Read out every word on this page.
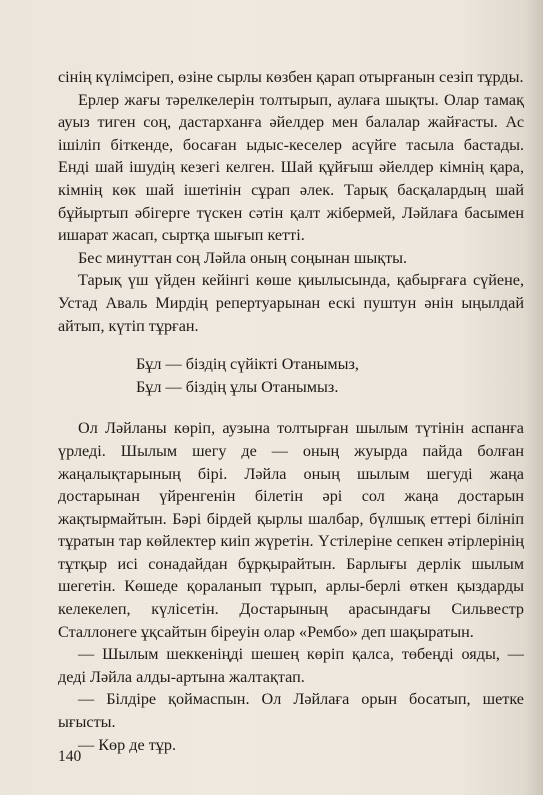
сінің күлімсіреп, өзіне сырлы көзбен қарап отырғанын сезіп тұрды.

Ерлер жағы тәрелкелерін толтырып, аулаға шықты. Олар тамақ ауыз тиген соң, дастарханға әйелдер мен балалар жайғасты. Ас ішіліп біткенде, босаған ыдыс-кеселер асүйге тасыла бастады. Енді шай ішудің кезегі келген. Шай құйғыш әйелдер кімнің қара, кімнің көк шай ішетінін сұрап әлек. Тарық басқалардың шай бұйыртып әбігерге түскен сәтін қалт жібермей, Ләйлаға басымен ишарат жасап, сыртқа шығып кетті.

Бес минуттан соң Ләйла оның соңынан шықты.

Тарық үш үйден кейінгі көше қиылысында, қабырғаға сүйене, Устад Аваль Мирдің репертуарынан ескі пуштун әнін ыңылдай айтып, күтіп тұрған.

Бұл — біздің сүйікті Отанымыз,
Бұл — біздің ұлы Отанымыз.

Ол Ләйланы көріп, аузына толтырған шылым түтінін аспанға үрледі. Шылым шегу де — оның жуырда пайда болған жаңалықтарының бірі. Ләйла оның шылым шегуді жаңа достарынан үйренгенін білетін әрі сол жаңа достарын жақтырмайтын. Бәрі бірдей қырлы шалбар, бүлшық еттері білініп тұратын тар көйлектер киіп жүретін. Үстілеріне сепкен әтірлерінің тұтқыр исі сонадайдан бұрқырайтын. Барлығы дерлік шылым шегетін. Көшеде қораланып тұрып, арлы-берлі өткен қыздарды келекелеп, күлісетін. Достарының арасындағы Сильвестр Сталлонеге ұқсайтын біреуін олар «Рембо» деп шақыратын.

— Шылым шеккеніңді шешең көріп қалса, төбеңді ояды, — деді Ләйла алды-артына жалтақтап.

— Білдіре қоймаспын. Ол Ләйлаға орын босатып, шетке ығысты.

— Көр де тұр.

140
